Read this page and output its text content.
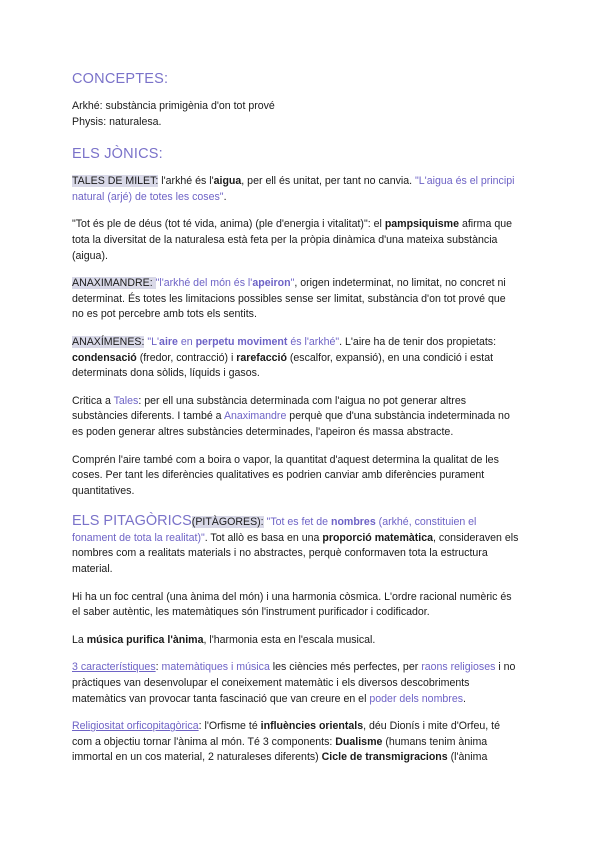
CONCEPTES:

Arkhé: substància primigènia d'on tot prové

Physis: naturalesa.

ELS JÒNICS:

TALES DE MILET: l'arkhé és l'aigua, per ell és unitat, per tant no canvia. "L'aigua és el principi natural (arjé) de totes les coses".

"Tot és ple de déus (tot té vida, anima) (ple d'energia i vitalitat)": el pampsiquisme afirma que tota la diversitat de la naturalesa està feta per la pròpia dinàmica d'una mateixa substància (aigua).

ANAXIMANDRE: "l'arkhé del món és l'apeiron", origen indeterminat, no limitat, no concret ni determinat. És totes les limitacions possibles sense ser limitat, substància d'on tot prové que no es pot percebre amb tots els sentits.

ANAXÍMENES: "L'aire en perpetu moviment és l'arkhé". L'aire ha de tenir dos propietats: condensació (fredor, contracció) i rarefacció (escalfor, expansió), en una condició i estat determinats dona sòlids, líquids i gasos.

Critica a Tales: per ell una substància determinada com l'aigua no pot generar altres substàncies diferents. I també a Anaximandre perquè que d'una substància indeterminada no es poden generar altres substàncies determinades, l'apeiron és massa abstracte.

Comprén l'aire també com a boira o vapor, la quantitat d'aquest determina la qualitat de les coses. Per tant les diferències qualitatives es podrien canviar amb diferències purament quantitatives.

ELS PITAGÒRICS(PITÀGORES): "Tot es fet de nombres (arkhé, constituien el fonament de tota la realitat)". Tot allò es basa en una proporció matemàtica, consideraven els nombres com a realitats materials i no abstractes, perquè conformaven tota la estructura material.

Hi ha un foc central (una ànima del món) i una harmonia còsmica. L'ordre racional numèric és el saber autèntic, les matemàtiques són l'instrument purificador i codificador.

La música purifica l'ànima, l'harmonia esta en l'escala musical.

3 característiques: matemàtiques i música les ciències més perfectes, per raons religioses i no pràctiques van desenvolupar el coneixement matemàtic i els diversos descobriments matemàtics van provocar tanta fascinació que van creure en el poder dels nombres.

Religiositat orficopitagòrica: l'Orfisme té influències orientals, déu Dionís i mite d'Orfeu, té com a objectiu tornar l'ànima al món. Té 3 components: Dualisme (humans tenim ànima immortal en un cos material, 2 naturaleses diferents) Cicle de transmigracions (l'ànima
